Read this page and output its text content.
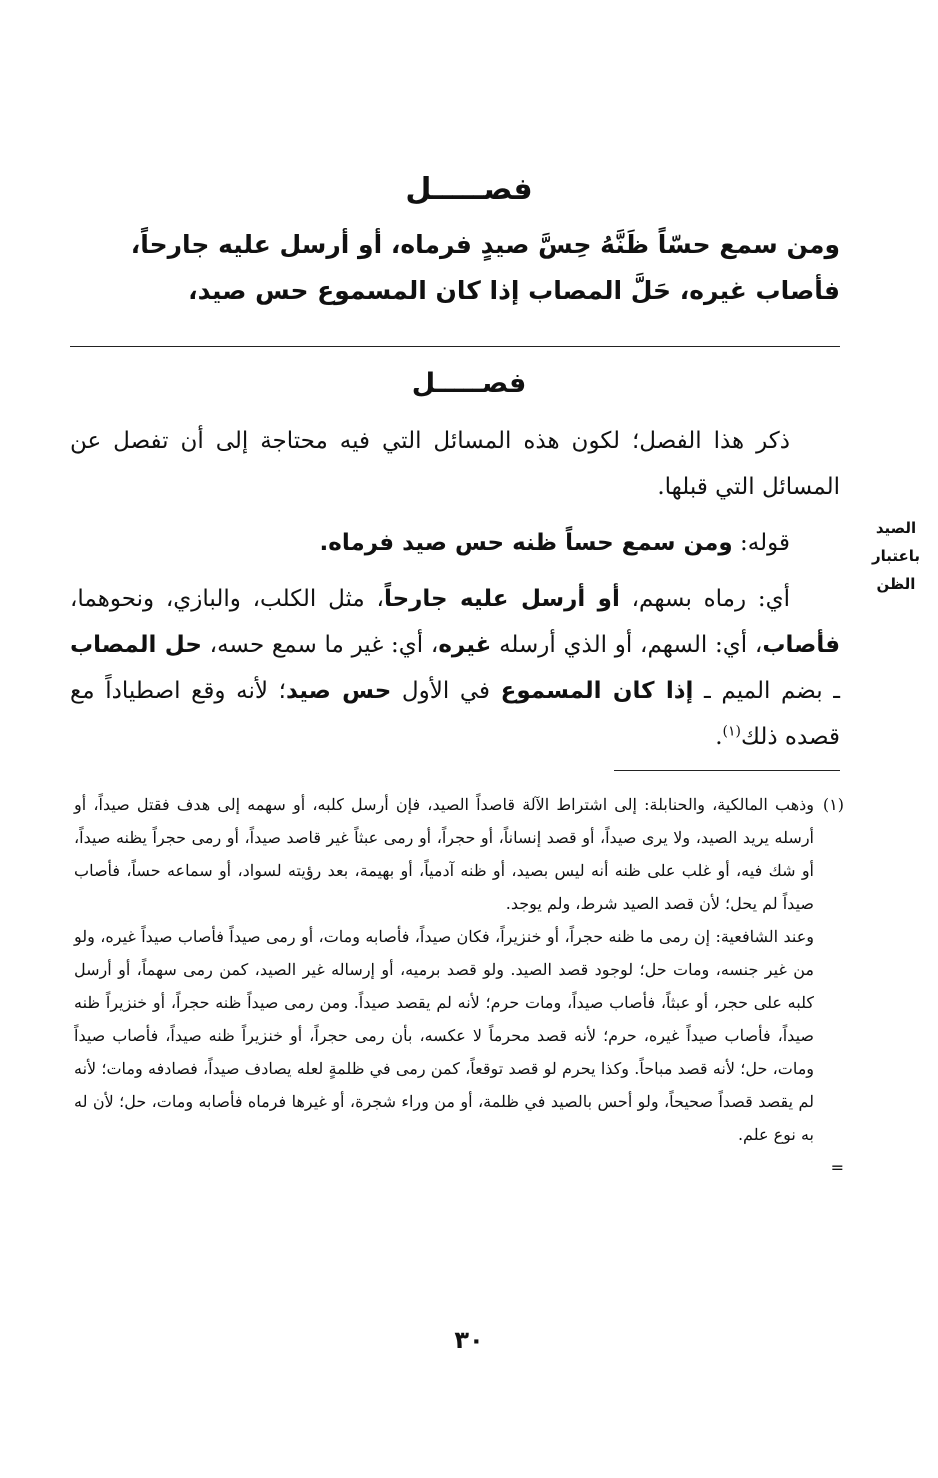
فصـــــل

ومن سمع حسّاً ظَنَّهُ حِسَّ صيدٍ فرماه، أو أرسل عليه جارحاً،

فأصاب غيره، حَلَّ المصاب إذا كان المسموع حس صيد،

فصـــــل

ذكر هذا الفصل؛ لكون هذه المسائل التي فيه محتاجة إلى أن تفصل عن المسائل التي قبلها.

قوله: ومن سمع حساً ظنه حس صيد فرماه.

أي: رماه بسهم، أو أرسل عليه جارحاً، مثل الكلب، والبازي، ونحوهما، فأصاب، أي: السهم، أو الذي أرسله غيره، أي: غير ما سمع حسه، حل المصاب ـ بضم الميم ـ إذا كان المسموع في الأول حس صيد؛ لأنه وقع اصطياداً مع قصده ذلك$^{(١)}$.

الصيد
باعتبار
الظن
(١)

وذهب المالكية، والحنابلة: إلى اشتراط الآلة قاصداً الصيد، فإن أرسل كلبه، أو سهمه إلى هدف فقتل صيداً، أو أرسله يريد الصيد، ولا يرى صيداً، أو قصد إنساناً، أو حجراً، أو رمى عبثاً غير قاصد صيداً، أو رمى حجراً يظنه صيداً، أو شك فيه، أو غلب على ظنه أنه ليس بصيد، أو ظنه آدمياً، أو بهيمة، بعد رؤيته لسواد، أو سماعه حساً، فأصاب صيداً لم يحل؛ لأن قصد الصيد شرط، ولم يوجد.

وعند الشافعية: إن رمى ما ظنه حجراً، أو خنزيراً، فكان صيداً، فأصابه ومات، أو رمى صيداً فأصاب صيداً غيره، ولو من غير جنسه، ومات حل؛ لوجود قصد الصيد. ولو قصد برميه، أو إرساله غير الصيد، كمن رمى سهماً، أو أرسل كلبه على حجر، أو عبثاً، فأصاب صيداً، ومات حرم؛ لأنه لم يقصد صيداً. ومن رمى صيداً ظنه حجراً، أو خنزيراً ظنه صيداً، فأصاب صيداً غيره، حرم؛ لأنه قصد محرماً لا عكسه، بأن رمى حجراً، أو خنزيراً ظنه صيداً، فأصاب صيداً ومات، حل؛ لأنه قصد مباحاً. وكذا يحرم لو قصد توقعاً، كمن رمى في ظلمةٍ لعله يصادف صيداً، فصادفه ومات؛ لأنه لم يقصد قصداً صحيحاً، ولو أحس بالصيد في ظلمة، أو من وراء شجرة، أو غيرها فرماه فأصابه ومات، حل؛ لأن له به نوع علم.

=
٣٠
